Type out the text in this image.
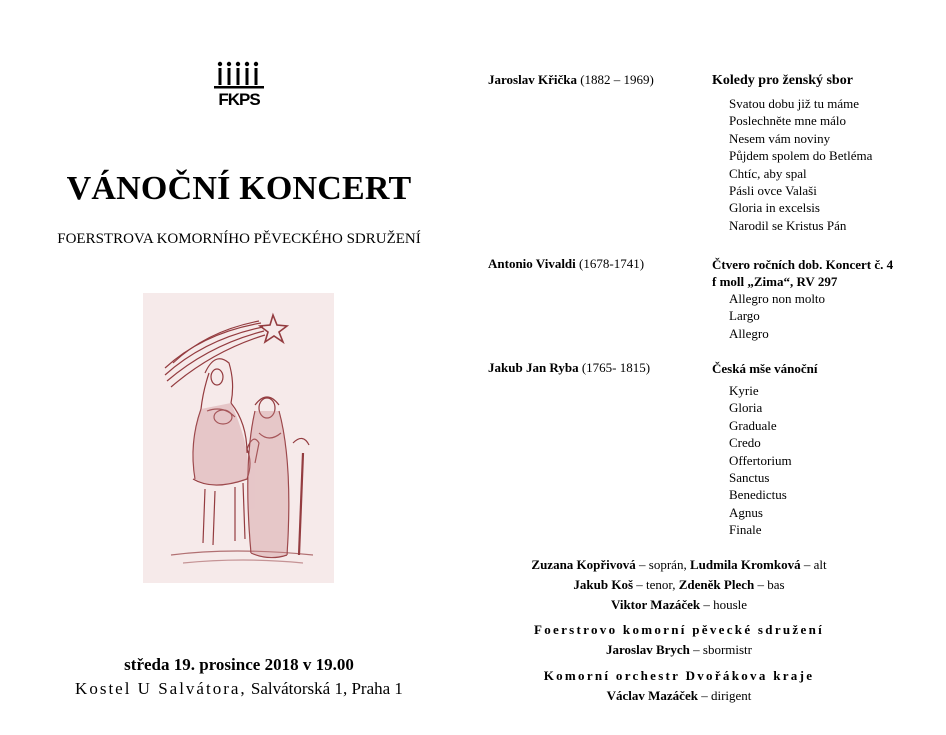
FKPS
VÁNOČNÍ KONCERT
FOERSTROVA KOMORNÍHO PĚVECKÉHO SDRUŽENÍ
středa 19. prosince 2018 v 19.00
Kostel U Salvátora, Salvátorská 1, Praha 1
Jaroslav Křička (1882 – 1969)	Koledy pro ženský sbor
Svatou dobu již tu máme
Poslechněte mne málo
Nesem vám noviny
Půjdem spolem do Betléma
Chtíc, aby spal
Pásli ovce Valaši
Gloria in excelsis
Narodil se Kristus Pán
Antonio Vivaldi (1678-1741)	Čtvero ročních dob. Koncert č. 4
f moll „Zima“, RV 297
Allegro non molto
Largo
Allegro
Jakub Jan Ryba (1765- 1815)	Česká mše vánoční
Kyrie
Gloria
Graduale
Credo
Offertorium
Sanctus
Benedictus
Agnus
Finale
Zuzana Kopřivová – soprán, Ludmila Kromková – alt
Jakub Koš – tenor, Zdeněk Plech – bas
Viktor Mazáček – housle
Foerstrovo komorní pěvecké sdružení
Jaroslav Brych – sbormistr
Komorní orchestr Dvořákova kraje
Václav Mazáček – dirigent
